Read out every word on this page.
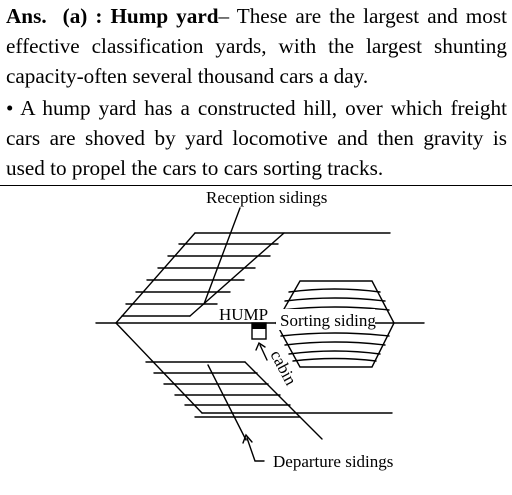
Ans. (a) : Hump yard– These are the largest and most effective classification yards, with the largest shunting capacity-often several thousand cars a day.

• A hump yard has a constructed hill, over which freight cars are shoved by yard locomotive and then gravity is used to propel the cars to cars sorting tracks.

Reception sidings
HUMP Sorting siding
cabin
Departure sidings
